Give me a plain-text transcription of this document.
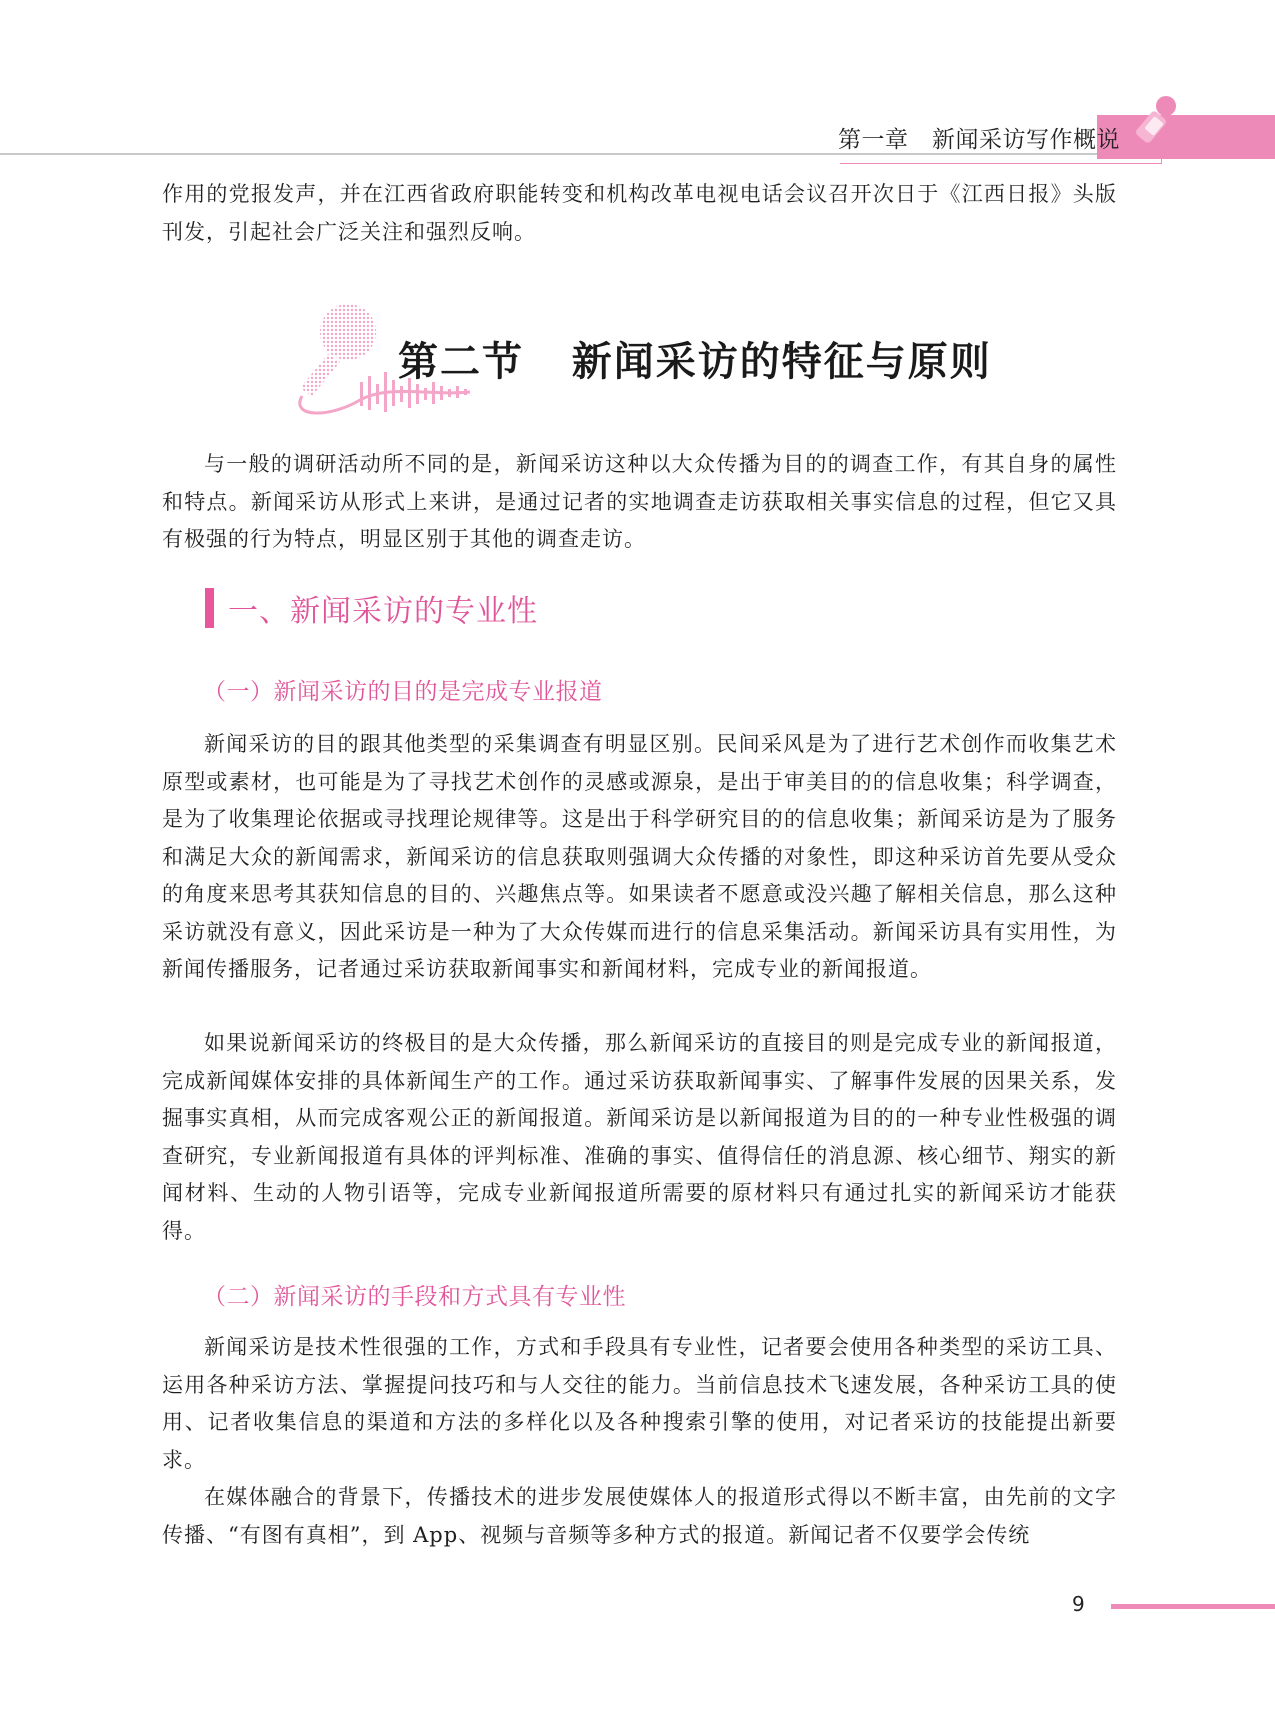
第一章 新闻采访写作概说

作用的党报发声，并在江西省政府职能转变和机构改革电视电话会议召开次日于《江西日报》头版刊发，引起社会广泛关注和强烈反响。

第二节 新闻采访的特征与原则

与一般的调研活动所不同的是，新闻采访这种以大众传播为目的的调查工作，有其自身的属性和特点。新闻采访从形式上来讲，是通过记者的实地调查走访获取相关事实信息的过程，但它又具有极强的行为特点，明显区别于其他的调查走访。

一、新闻采访的专业性
（一）新闻采访的目的是完成专业报道

新闻采访的目的跟其他类型的采集调查有明显区别。民间采风是为了进行艺术创作而收集艺术原型或素材，也可能是为了寻找艺术创作的灵感或源泉，是出于审美目的的信息收集；科学调查，是为了收集理论依据或寻找理论规律等。这是出于科学研究目的的信息收集；新闻采访是为了服务和满足大众的新闻需求，新闻采访的信息获取则强调大众传播的对象性，即这种采访首先要从受众的角度来思考其获知信息的目的、兴趣焦点等。如果读者不愿意或没兴趣了解相关信息，那么这种采访就没有意义，因此采访是一种为了大众传媒而进行的信息采集活动。新闻采访具有实用性，为新闻传播服务，记者通过采访获取新闻事实和新闻材料，完成专业的新闻报道。

如果说新闻采访的终极目的是大众传播，那么新闻采访的直接目的则是完成专业的新闻报道，完成新闻媒体安排的具体新闻生产的工作。通过采访获取新闻事实、了解事件发展的因果关系，发掘事实真相，从而完成客观公正的新闻报道。新闻采访是以新闻报道为目的的一种专业性极强的调查研究，专业新闻报道有具体的评判标准、准确的事实、值得信任的消息源、核心细节、翔实的新闻材料、生动的人物引语等，完成专业新闻报道所需要的原材料只有通过扎实的新闻采访才能获得。

（二）新闻采访的手段和方式具有专业性

新闻采访是技术性很强的工作，方式和手段具有专业性，记者要会使用各种类型的采访工具、运用各种采访方法、掌握提问技巧和与人交往的能力。当前信息技术飞速发展，各种采访工具的使用、记者收集信息的渠道和方法的多样化以及各种搜索引擎的使用，对记者采访的技能提出新要求。

在媒体融合的背景下，传播技术的进步发展使媒体人的报道形式得以不断丰富，由先前的文字传播、“有图有真相”，到 App、视频与音频等多种方式的报道。新闻记者不仅要学会传统

9
